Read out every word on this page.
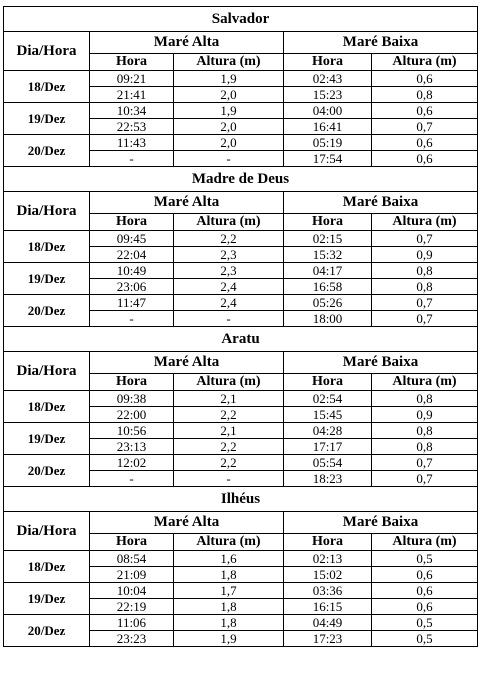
Salvador				
Dia/Hora	Maré Alta		Maré Baixa	
	Hora	Altura (m)	Hora	Altura (m)
18/Dez	09:21	1,9	02:43	0,6
	21:41	2,0	15:23	0,8
19/Dez	10:34	1,9	04:00	0,6
	22:53	2,0	16:41	0,7
20/Dez	11:43	2,0	05:19	0,6
	-	-	17:54	0,6
Madre de Deus				
Dia/Hora	Maré Alta		Maré Baixa	
	Hora	Altura (m)	Hora	Altura (m)
18/Dez	09:45	2,2	02:15	0,7
	22:04	2,3	15:32	0,9
19/Dez	10:49	2,3	04:17	0,8
	23:06	2,4	16:58	0,8
20/Dez	11:47	2,4	05:26	0,7
	-	-	18:00	0,7
Aratu				
Dia/Hora	Maré Alta		Maré Baixa	
	Hora	Altura (m)	Hora	Altura (m)
18/Dez	09:38	2,1	02:54	0,8
	22:00	2,2	15:45	0,9
19/Dez	10:56	2,1	04:28	0,8
	23:13	2,2	17:17	0,8
20/Dez	12:02	2,2	05:54	0,7
	-	-	18:23	0,7
Ilhéus				
Dia/Hora	Maré Alta		Maré Baixa	
	Hora	Altura (m)	Hora	Altura (m)
18/Dez	08:54	1,6	02:13	0,5
	21:09	1,8	15:02	0,6
19/Dez	10:04	1,7	03:36	0,6
	22:19	1,8	16:15	0,6
20/Dez	11:06	1,8	04:49	0,5
	23:23	1,9	17:23	0,5
